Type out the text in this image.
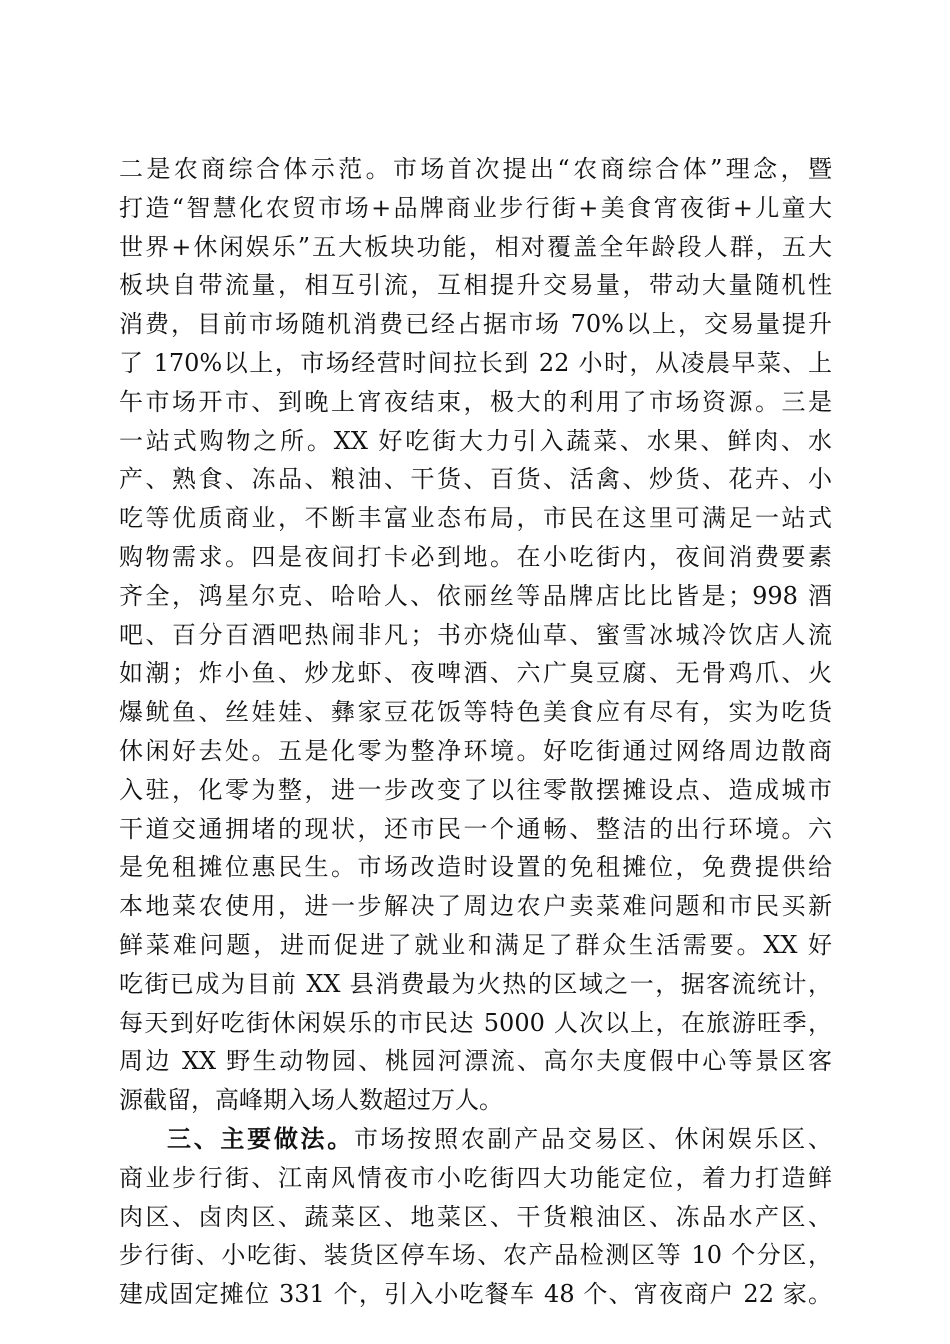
二是农商综合体示范。市场首次提出“农商综合体”理念，暨
打造“智慧化农贸市场+品牌商业步行街+美食宵夜街+儿童大
世界+休闲娱乐”五大板块功能，相对覆盖全年龄段人群，五大
板块自带流量，相互引流，互相提升交易量，带动大量随机性
消费，目前市场随机消费已经占据市场 70%以上，交易量提升
了 170%以上，市场经营时间拉长到 22 小时，从凌晨早菜、上
午市场开市、到晚上宵夜结束，极大的利用了市场资源。三是
一站式购物之所。XX 好吃街大力引入蔬菜、水果、鲜肉、水
产、熟食、冻品、粮油、干货、百货、活禽、炒货、花卉、小
吃等优质商业，不断丰富业态布局，市民在这里可满足一站式
购物需求。四是夜间打卡必到地。在小吃街内，夜间消费要素
齐全，鸿星尔克、哈哈人、依丽丝等品牌店比比皆是；998 酒
吧、百分百酒吧热闹非凡；书亦烧仙草、蜜雪冰城冷饮店人流
如潮；炸小鱼、炒龙虾、夜啤酒、六广臭豆腐、无骨鸡爪、火
爆鱿鱼、丝娃娃、彝家豆花饭等特色美食应有尽有，实为吃货
休闲好去处。五是化零为整净环境。好吃街通过网络周边散商
入驻，化零为整，进一步改变了以往零散摆摊设点、造成城市
干道交通拥堵的现状，还市民一个通畅、整洁的出行环境。六
是免租摊位惠民生。市场改造时设置的免租摊位，免费提供给
本地菜农使用，进一步解决了周边农户卖菜难问题和市民买新
鲜菜难问题，进而促进了就业和满足了群众生活需要。XX 好
吃街已成为目前 XX 县消费最为火热的区域之一，据客流统计，
每天到好吃街休闲娱乐的市民达 5000 人次以上，在旅游旺季，
周边 XX 野生动物园、桃园河漂流、高尔夫度假中心等景区客
源截留，高峰期入场人数超过万人。
三、主要做法。市场按照农副产品交易区、休闲娱乐区、
商业步行街、江南风情夜市小吃街四大功能定位，着力打造鲜
肉区、卤肉区、蔬菜区、地菜区、干货粮油区、冻品水产区、
步行街、小吃街、装货区停车场、农产品检测区等 10 个分区，
建成固定摊位 331 个，引入小吃餐车 48 个、宵夜商户 22 家。
